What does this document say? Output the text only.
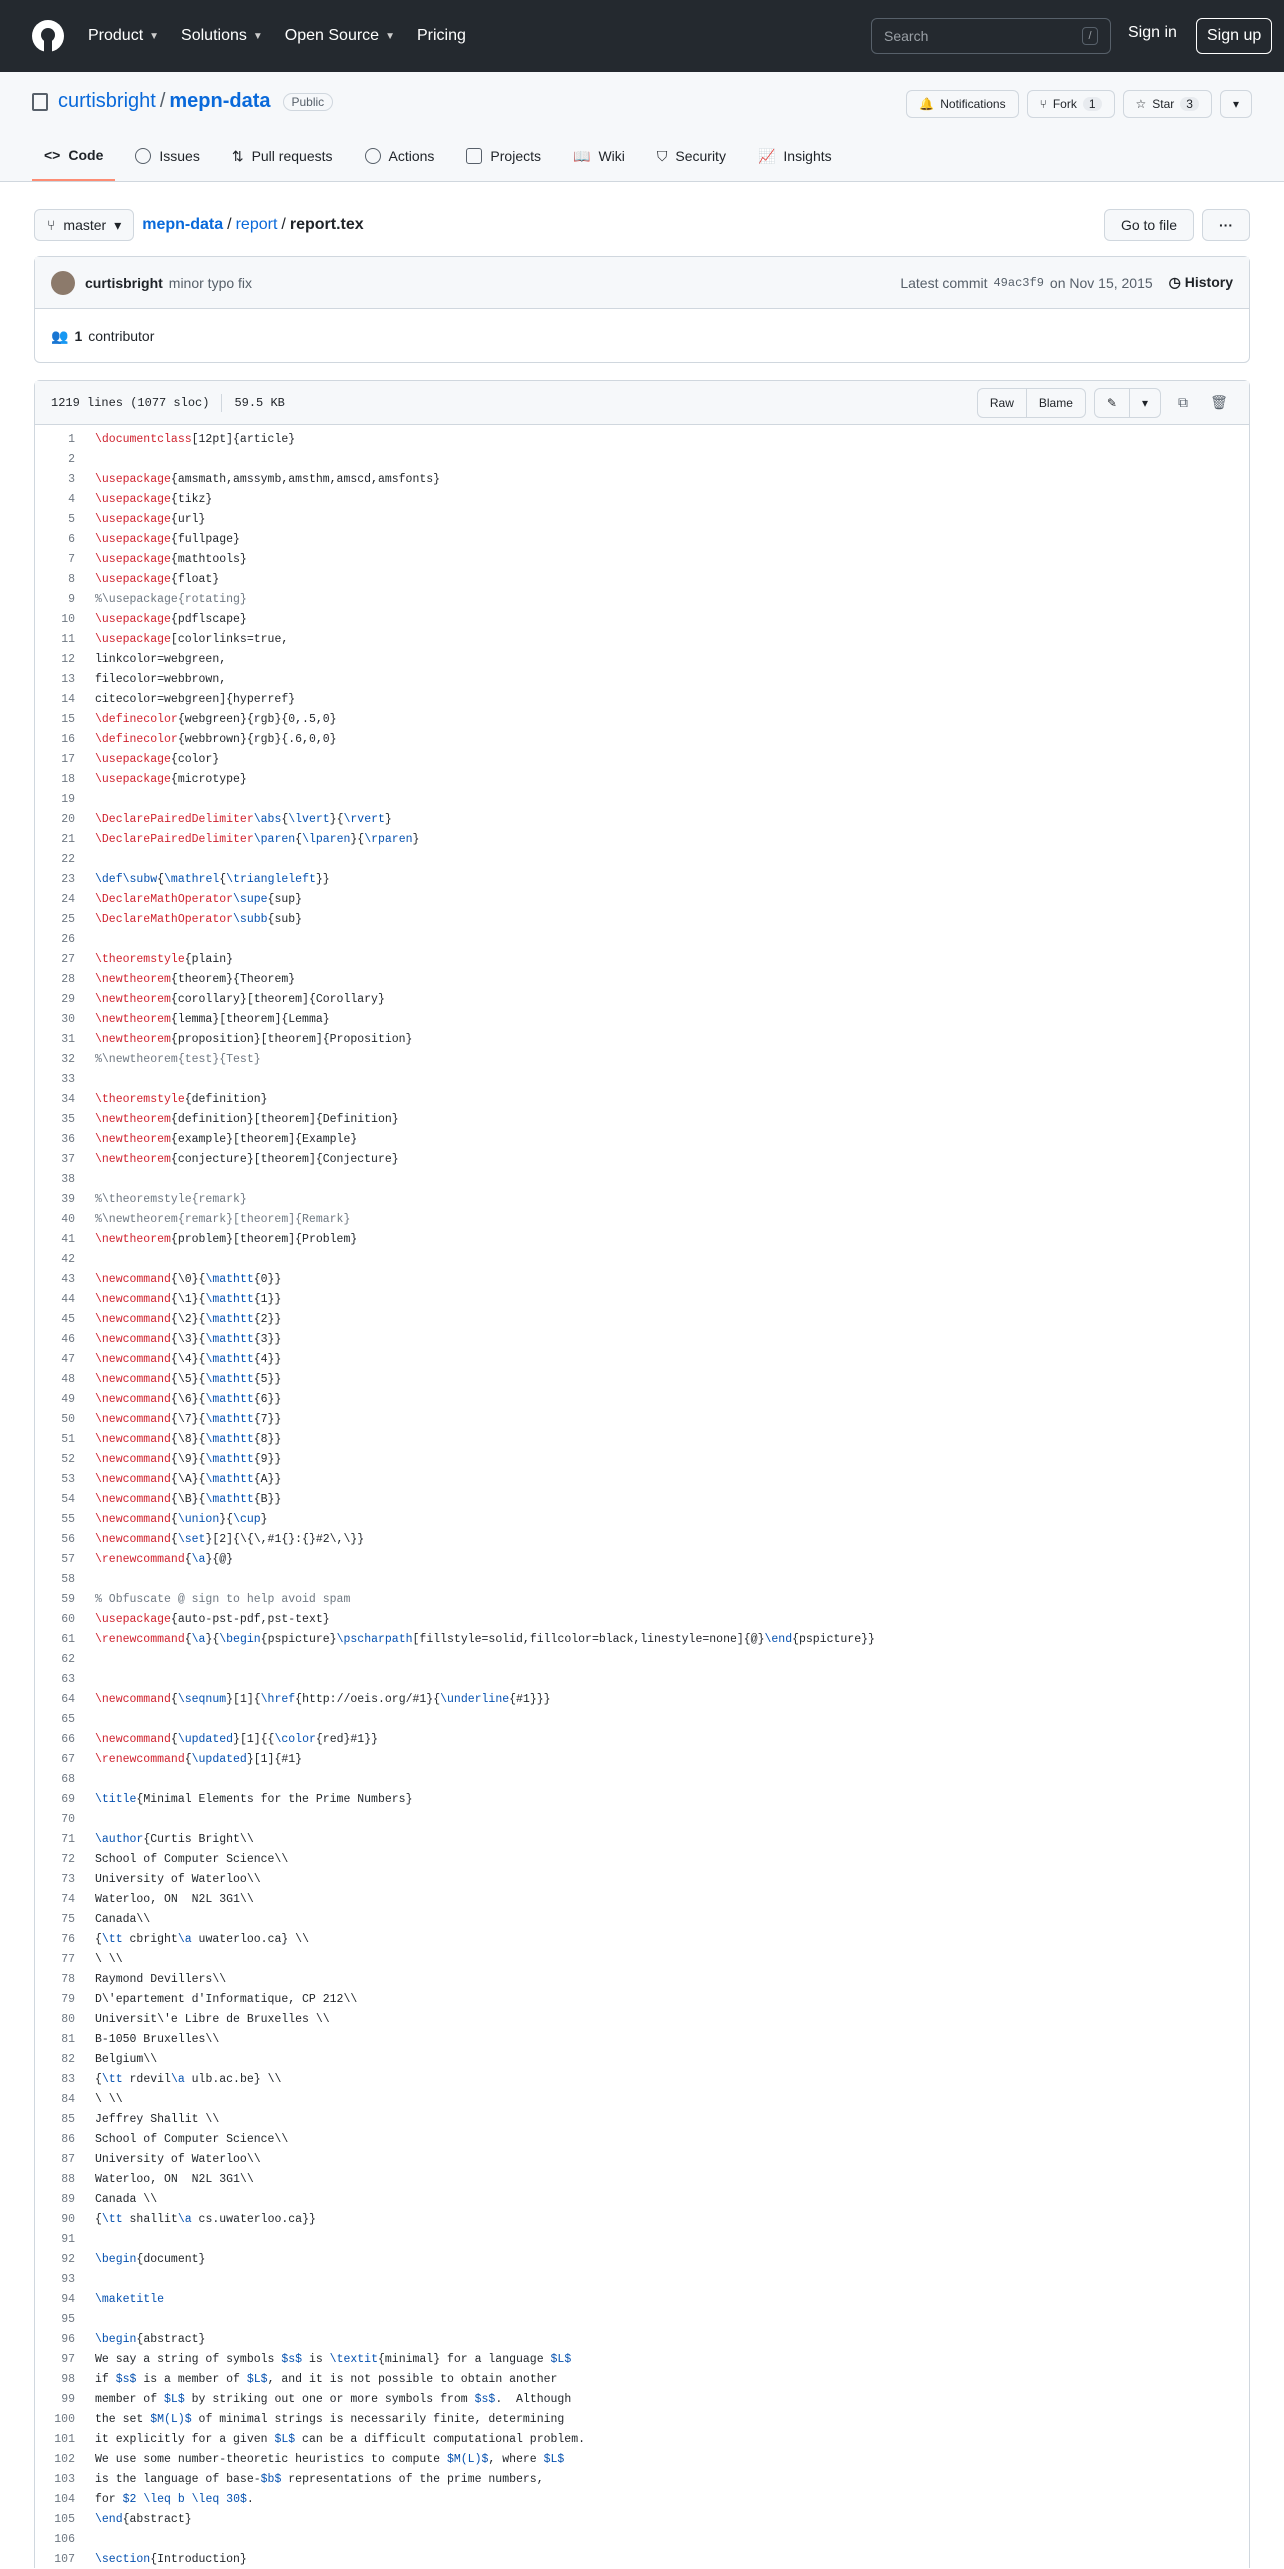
Product ▼ Solutions ▼ Open Source ▼ Pricing	Search	/	Sign in	Sign up
curtisbright / mepn-data	Public	🔔 Notifications	⑂ Fork	1	☆ Star	3	▾
<> Code	Issues ⇅ Pull requests	Actions	Projects 📖 Wiki ⛉ Security 📈 Insights
⑂ master ▾ mepn-data / report / report.tex	Go to file	···
curtisbright minor typo fix	Latest commit 49ac3f9 on Nov 15, 2015 ◷ History
👥 1 contributor
1219 lines (1077 sloc) 59.5 KB	Raw	Blame	✎	▾	⧉	🗑
1 \documentclass[12pt]{article}
2
3 \usepackage{amsmath,amssymb,amsthm,amscd,amsfonts}
4 \usepackage{tikz}
5 \usepackage{url}
6 \usepackage{fullpage}
7 \usepackage{mathtools}
8 \usepackage{float}
9 %\usepackage{rotating}
10 \usepackage{pdflscape}
11 \usepackage[colorlinks=true,
12 linkcolor=webgreen,
13 filecolor=webbrown,
14 citecolor=webgreen]{hyperref}
15 \definecolor{webgreen}{rgb}{0,.5,0}
16 \definecolor{webbrown}{rgb}{.6,0,0}
17 \usepackage{color}
18 \usepackage{microtype}
19
20 \DeclarePairedDelimiter\abs{\lvert}{\rvert}
21 \DeclarePairedDelimiter\paren{\lparen}{\rparen}
22
23 \def\subw{\mathrel{\triangleleft}}
24 \DeclareMathOperator\supe{sup}
25 \DeclareMathOperator\subb{sub}
26
27 \theoremstyle{plain}
28 \newtheorem{theorem}{Theorem}
29 \newtheorem{corollary}[theorem]{Corollary}
30 \newtheorem{lemma}[theorem]{Lemma}
31 \newtheorem{proposition}[theorem]{Proposition}
32 %\newtheorem{test}{Test}
33
34 \theoremstyle{definition}
35 \newtheorem{definition}[theorem]{Definition}
36 \newtheorem{example}[theorem]{Example}
37 \newtheorem{conjecture}[theorem]{Conjecture}
38
39 %\theoremstyle{remark}
40 %\newtheorem{remark}[theorem]{Remark}
41 \newtheorem{problem}[theorem]{Problem}
42
43 \newcommand{\0}{\mathtt{0}}
44 \newcommand{\1}{\mathtt{1}}
45 \newcommand{\2}{\mathtt{2}}
46 \newcommand{\3}{\mathtt{3}}
47 \newcommand{\4}{\mathtt{4}}
48 \newcommand{\5}{\mathtt{5}}
49 \newcommand{\6}{\mathtt{6}}
50 \newcommand{\7}{\mathtt{7}}
51 \newcommand{\8}{\mathtt{8}}
52 \newcommand{\9}{\mathtt{9}}
53 \newcommand{\A}{\mathtt{A}}
54 \newcommand{\B}{\mathtt{B}}
55 \newcommand{\union}{\cup}
56 \newcommand{\set}[2]{\{\,#1{}:{}#2\,\}}
57 \renewcommand{\a}{@}
58
59 % Obfuscate @ sign to help avoid spam
60 \usepackage{auto-pst-pdf,pst-text}
61 \renewcommand{\a}{\begin{pspicture}\pscharpath[fillstyle=solid,fillcolor=black,linestyle=none]{@}\end{pspicture}}
62
63
64 \newcommand{\seqnum}[1]{\href{http://oeis.org/#1}{\underline{#1}}}
65
66 \newcommand{\updated}[1]{{\color{red}#1}}
67 \renewcommand{\updated}[1]{#1}
68
69 \title{Minimal Elements for the Prime Numbers}
70
71 \author{Curtis Bright\\
72 School of Computer Science\\
73 University of Waterloo\\
74 Waterloo, ON  N2L 3G1\\
75 Canada\\
76 {\tt cbright\a uwaterloo.ca} \\
77 \ \\
78 Raymond Devillers\\
79 D\'epartement d'Informatique, CP 212\\
80 Universit\'e Libre de Bruxelles \\
81 B-1050 Bruxelles\\
82 Belgium\\
83 {\tt rdevil\a ulb.ac.be} \\
84 \ \\
85 Jeffrey Shallit \\
86 School of Computer Science\\
87 University of Waterloo\\
88 Waterloo, ON  N2L 3G1\\
89 Canada \\
90 {\tt shallit\a cs.uwaterloo.ca}}
91
92 \begin{document}
93
94 \maketitle
95
96 \begin{abstract}
97 We say a string of symbols $s$ is \textit{minimal} for a language $L$
98 if $s$ is a member of $L$, and it is not possible to obtain another
99 member of $L$ by striking out one or more symbols from $s$.  Although
100 the set $M(L)$ of minimal strings is necessarily finite, determining
101 it explicitly for a given $L$ can be a difficult computational problem.
102 We use some number-theoretic heuristics to compute $M(L)$, where $L$
103 is the language of base-$b$ representations of the prime numbers,
104 for $2 \leq b \leq 30$.
105 \end{abstract}
106
107 \section{Introduction}
